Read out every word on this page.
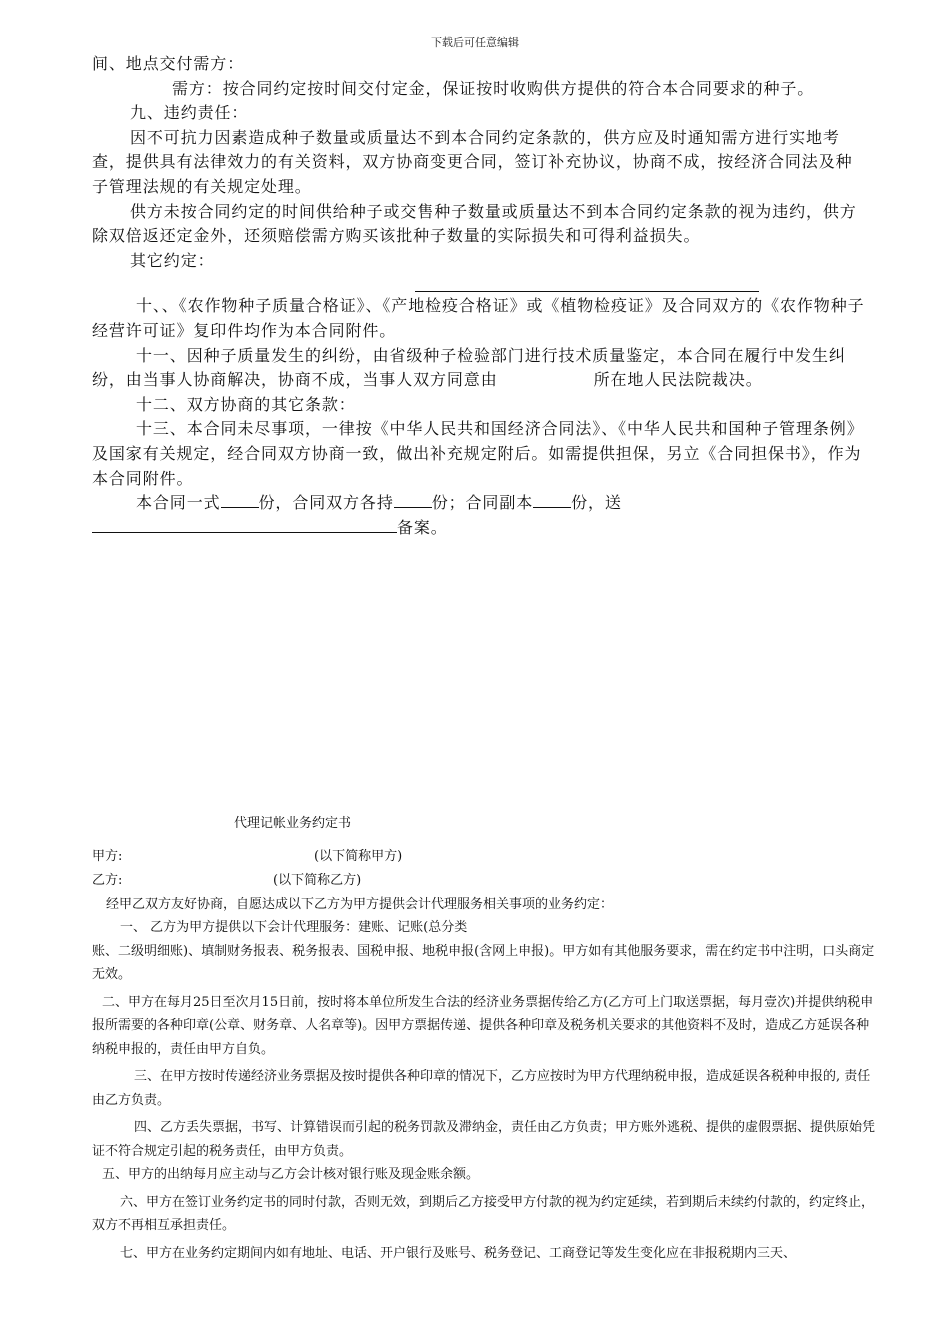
下载后可任意编辑

间、地点交付需方：

需方：按合同约定按时间交付定金，保证按时收购供方提供的符合本合同要求的种子。

九、违约责任：

因不可抗力因素造成种子数量或质量达不到本合同约定条款的，供方应及时通知需方进行实地考查，提供具有法律效力的有关资料，双方协商变更合同，签订补充协议，协商不成，按经济合同法及种子管理法规的有关规定处理。

供方未按合同约定的时间供给种子或交售种子数量或质量达不到本合同约定条款的视为违约，供方除双倍返还定金外，还须赔偿需方购买该批种子数量的实际损失和可得利益损失。

其它约定：

十、、《农作物种子质量合格证》、《产地检疫合格证》或《植物检疫证》及合同双方的《农作物种子经营许可证》复印件均作为本合同附件。

十一、因种子质量发生的纠纷，由省级种子检验部门进行技术质量鉴定，本合同在履行中发生纠纷，由当事人协商解决，协商不成，当事人双方同意由	所在地人民法院裁决。

十二、双方协商的其它条款：

十三、本合同未尽事项，一律按《中华人民共和国经济合同法》、《中华人民共和国种子管理条例》及国家有关规定，经合同双方协商一致，做出补充规定附后。如需提供担保，另立《合同担保书》，作为本合同附件。

本合同一式 份，合同双方各持 份；合同副本 份，送

备案。

代理记帐业务约定书

甲方:	(以下简称甲方)
乙方:	(以下简称乙方)

经甲乙双方友好协商，自愿达成以下乙方为甲方提供会计代理服务相关事项的业务约定：

一、 乙方为甲方提供以下会计代理服务：建账、记账(总分类

账、二级明细账)、填制财务报表、税务报表、国税申报、地税申报(含网上申报)。甲方如有其他服务要求，需在约定书中注明，口头商定无效。

二、甲方在每月25日至次月15日前，按时将本单位所发生合法的经济业务票据传给乙方(乙方可上门取送票据，每月壹次)并提供纳税申报所需要的各种印章(公章、财务章、人名章等)。因甲方票据传递、提供各种印章及税务机关要求的其他资料不及时，造成乙方延误各种纳税申报的，责任由甲方自负。

三、在甲方按时传递经济业务票据及按时提供各种印章的情况下，乙方应按时为甲方代理纳税申报，造成延误各税种申报的, 责任由乙方负责。

四、乙方丢失票据，书写、计算错误而引起的税务罚款及滞纳金，责任由乙方负责；甲方账外逃税、提供的虚假票据、提供原始凭证不符合规定引起的税务责任，由甲方负责。

五、甲方的出纳每月应主动与乙方会计核对银行账及现金账余额。

六、甲方在签订业务约定书的同时付款，否则无效，到期后乙方接受甲方付款的视为约定延续，若到期后未续约付款的，约定终止，双方不再相互承担责任。

七、甲方在业务约定期间内如有地址、电话、开户银行及账号、税务登记、工商登记等发生变化应在非报税期内三天、
